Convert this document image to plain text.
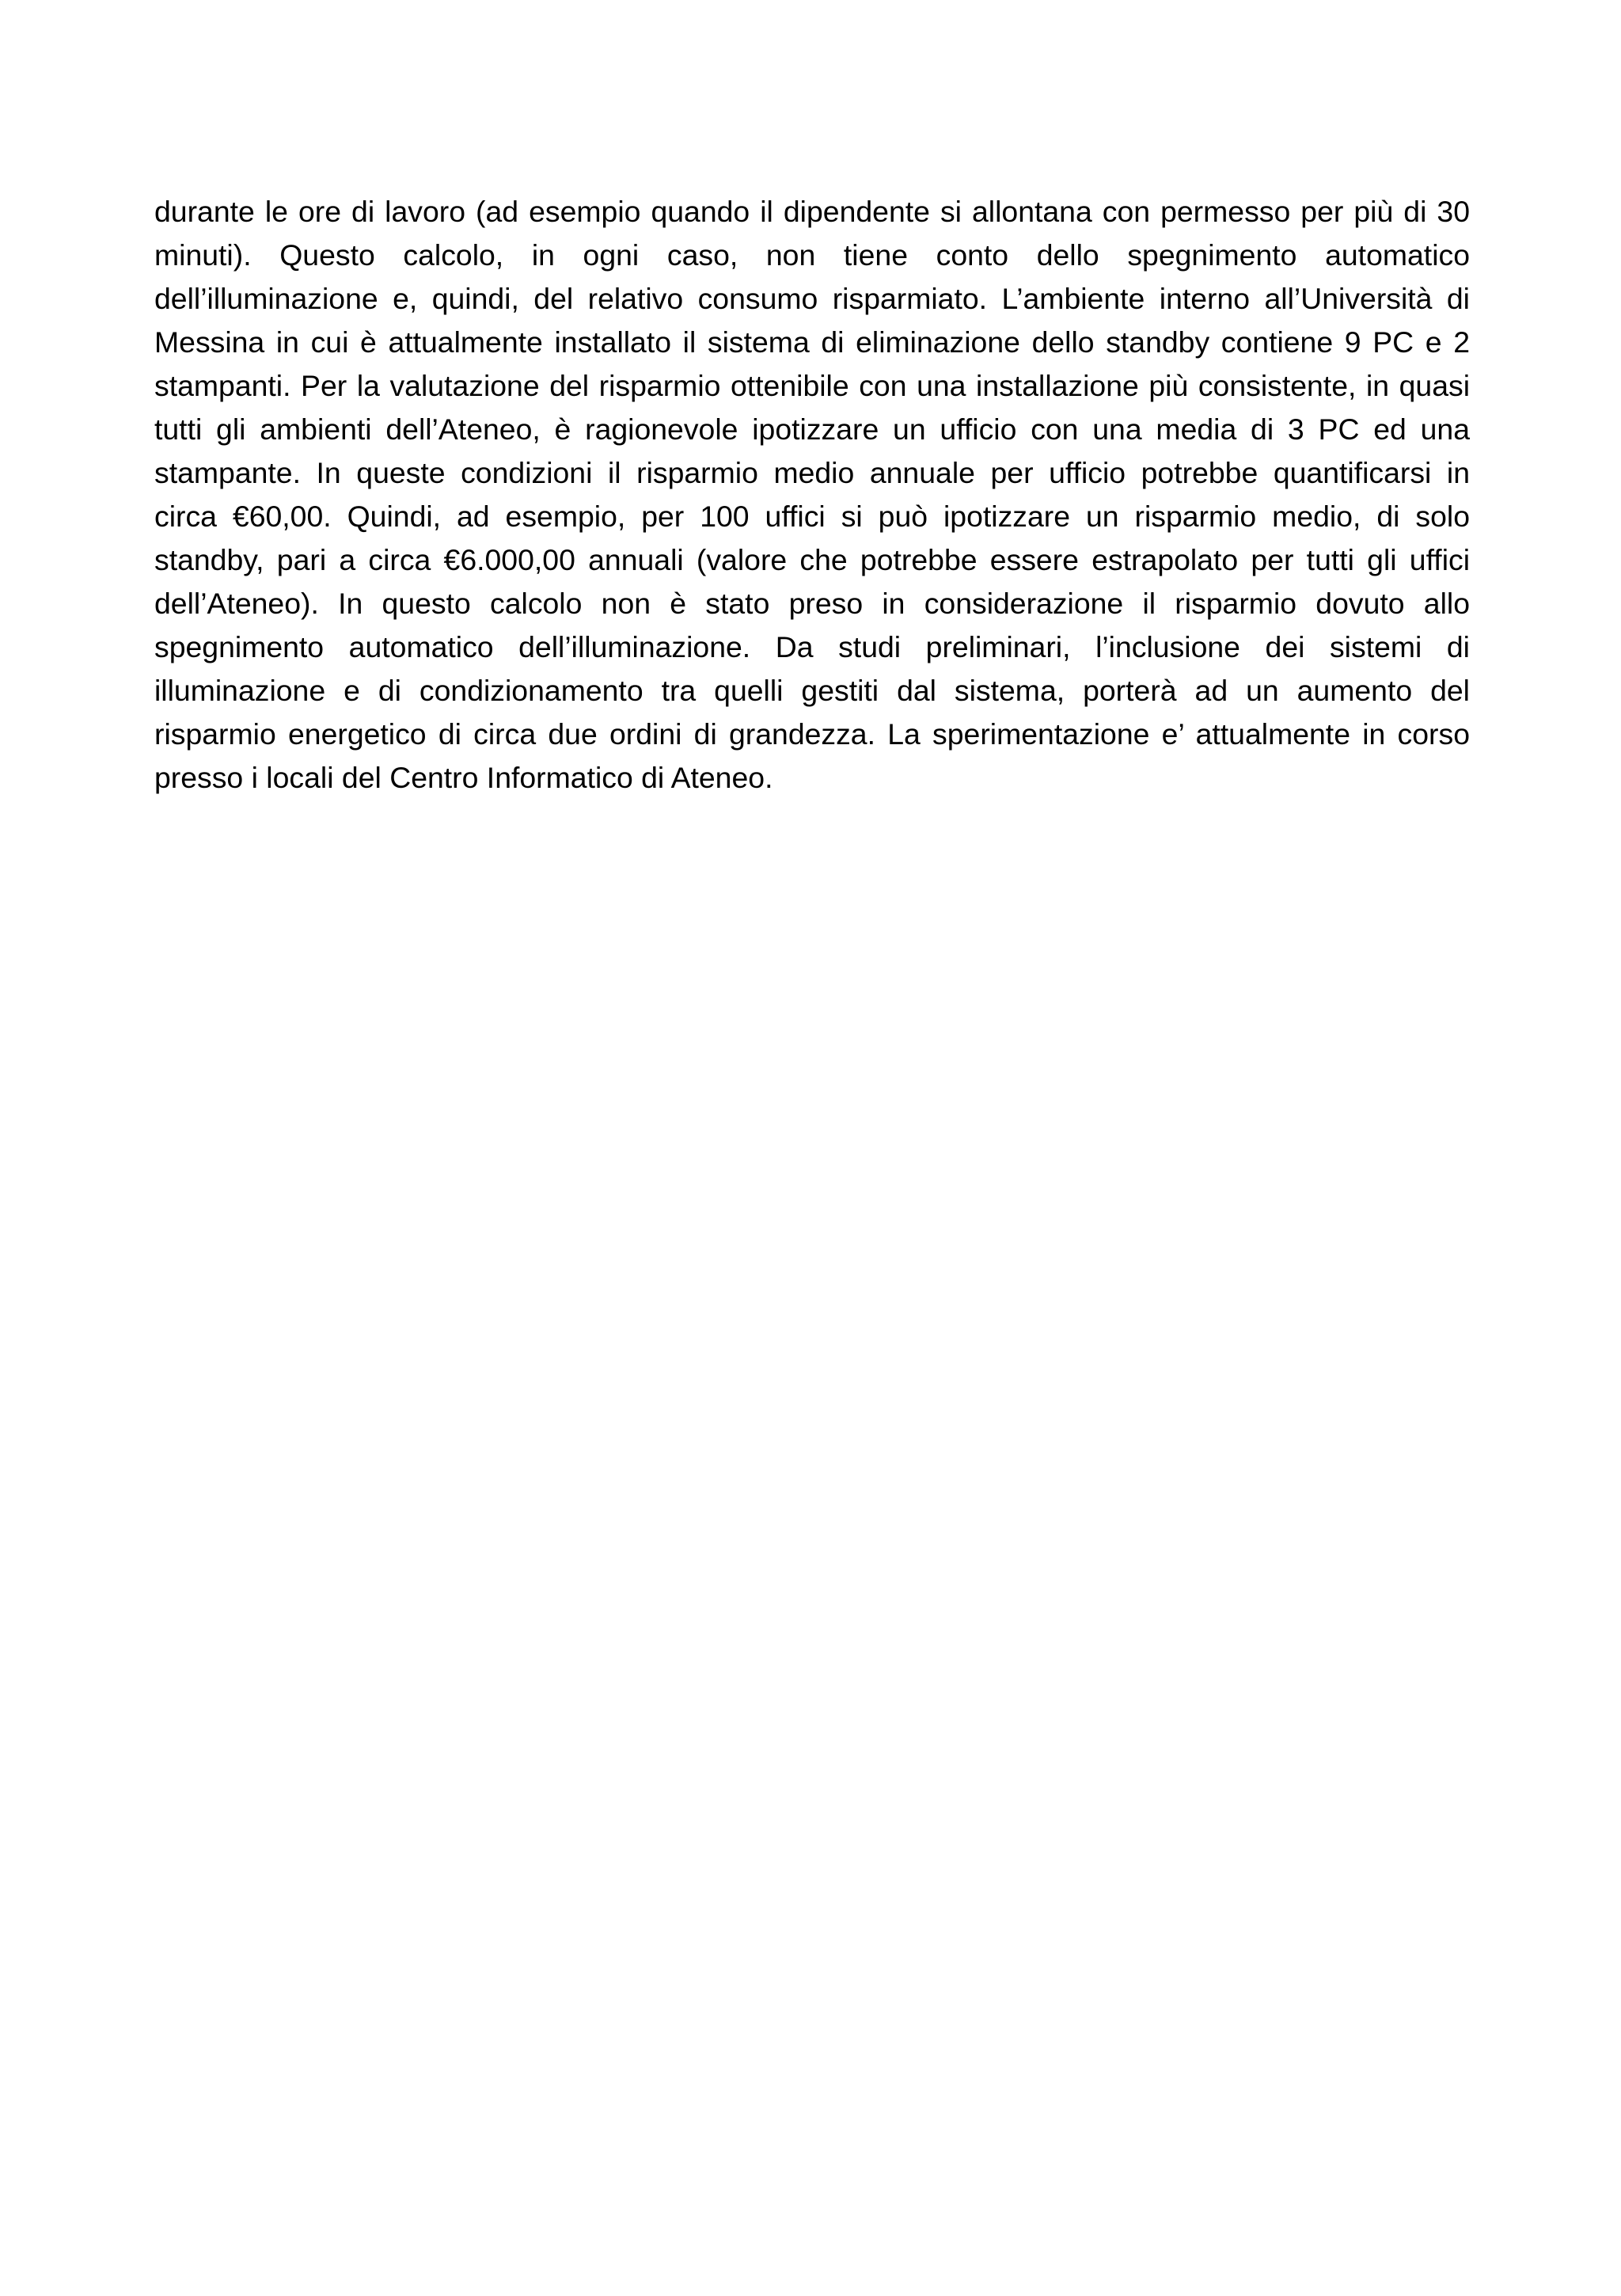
durante le ore di lavoro (ad esempio quando il dipendente si allontana con permesso per più di 30
minuti). Questo calcolo, in ogni caso, non tiene conto dello spegnimento automatico
dell’illuminazione e, quindi, del relativo consumo risparmiato. L’ambiente interno all’Università di
Messina in cui è attualmente installato il sistema di eliminazione dello standby contiene 9 PC e 2
stampanti. Per la valutazione del risparmio ottenibile con una installazione più consistente, in quasi
tutti gli ambienti dell’Ateneo, è ragionevole ipotizzare un ufficio con una media di 3 PC ed una
stampante. In queste condizioni il risparmio medio annuale per ufficio potrebbe quantificarsi in
circa €60,00. Quindi, ad esempio, per 100 uffici si può ipotizzare un risparmio medio, di solo
standby, pari a circa €6.000,00 annuali (valore che potrebbe essere estrapolato per tutti gli uffici
dell’Ateneo). In questo calcolo non è stato preso in considerazione il risparmio dovuto allo
spegnimento automatico dell’illuminazione. Da studi preliminari, l’inclusione dei sistemi di
illuminazione e di condizionamento tra quelli gestiti dal sistema, porterà ad un aumento del
risparmio energetico di circa due ordini di grandezza. La sperimentazione e’ attualmente in corso
presso i locali del Centro Informatico di Ateneo.
